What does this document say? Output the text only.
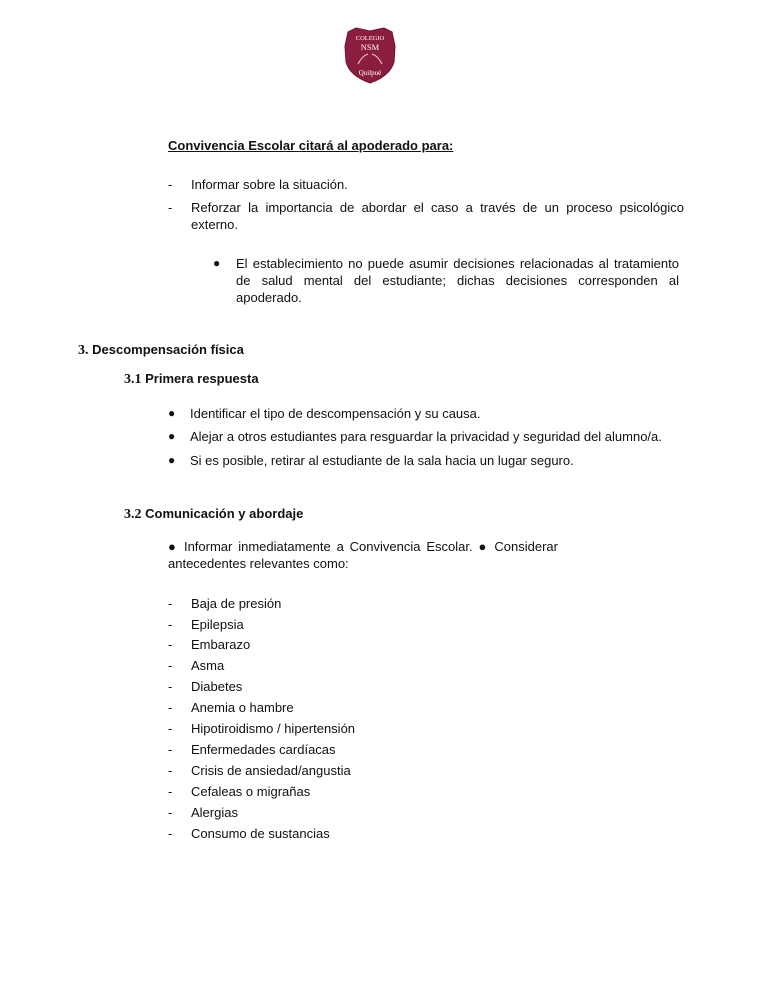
COLEGIO
NSM
Quilpué
Convivencia Escolar citará al apoderado para:
-	Informar sobre la situación.
-	Reforzar la importancia de abordar el caso a través de un proceso psicológico externo.
● El establecimiento no puede asumir decisiones relacionadas al tratamiento de salud mental del estudiante; dichas decisiones corresponden al apoderado.
3. Descompensación física
3.1 Primera respuesta
● Identificar el tipo de descompensación y su causa.
● Alejar a otros estudiantes para resguardar la privacidad y seguridad del alumno/a.
● Si es posible, retirar al estudiante de la sala hacia un lugar seguro.
3.2 Comunicación y abordaje
● Informar inmediatamente a Convivencia Escolar. ● Considerar antecedentes relevantes como:
- Baja de presión
- Epilepsia
- Embarazo
- Asma
- Diabetes
- Anemia o hambre
- Hipotiroidismo / hipertensión
- Enfermedades cardíacas
- Crisis de ansiedad/angustia
- Cefaleas o migrañas
- Alergias
- Consumo de sustancias
